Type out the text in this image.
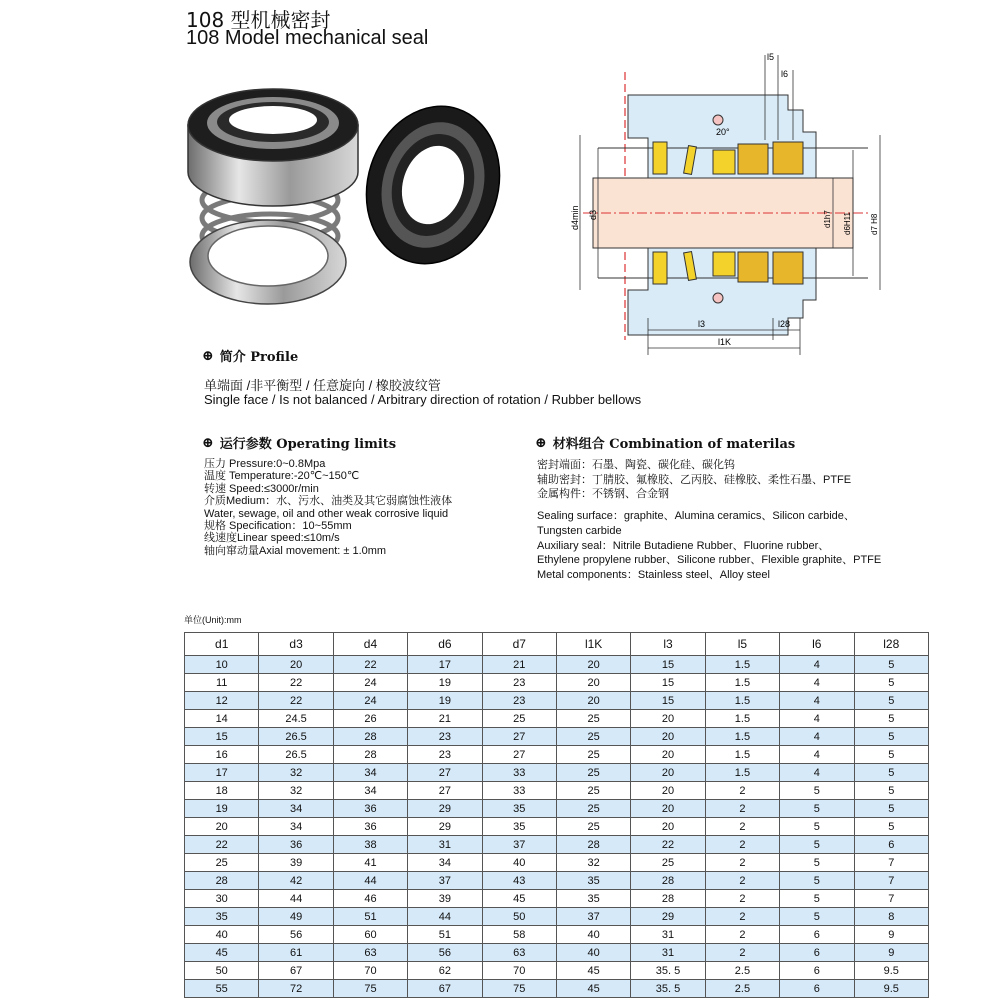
108 型机械密封
108 Model mechanical seal
d4min d3	d1h7 d6H11 d7 H8
l5
l6
20°
l3	l28
l1K
⊕ 简介 Profile
单端面 /非平衡型 / 任意旋向 / 橡胶波纹管
Single face / Is not balanced / Arbitrary direction of rotation / Rubber bellows
⊕ 运行参数 Operating limits
压力 Pressure:0~0.8Mpa
温度 Temperature:-20℃~150℃
转速 Speed:≤3000r/min
介质Medium：水、污水、油类及其它弱腐蚀性液体
Water, sewage, oil and other weak corrosive liquid
规格 Specification：10~55mm
线速度Linear speed:≤10m/s
轴向窜动量Axial movement: ± 1.0mm
⊕ 材料组合 Combination of materilas
密封端面：石墨、陶瓷、碳化硅、碳化钨
辅助密封：丁腈胶、氟橡胶、乙丙胶、硅橡胶、柔性石墨、PTFE
金属构件：不锈钢、合金钢
Sealing surface：graphite、Alumina ceramics、Silicon carbide、
Tungsten carbide
Auxiliary seal：Nitrile Butadiene Rubber、Fluorine rubber、
Ethylene propylene rubber、Silicone rubber、Flexible graphite、PTFE
Metal components：Stainless steel、Alloy steel
单位(Unit):mm
d1	d3	d4	d6	d7	l1K	l3	l5	l6	l28
10	20	22	17	21	20	15	1.5	4	5
11	22	24	19	23	20	15	1.5	4	5
12	22	24	19	23	20	15	1.5	4	5
14	24.5	26	21	25	25	20	1.5	4	5
15	26.5	28	23	27	25	20	1.5	4	5
16	26.5	28	23	27	25	20	1.5	4	5
17	32	34	27	33	25	20	1.5	4	5
18	32	34	27	33	25	20	2	5	5
19	34	36	29	35	25	20	2	5	5
20	34	36	29	35	25	20	2	5	5
22	36	38	31	37	28	22	2	5	6
25	39	41	34	40	32	25	2	5	7
28	42	44	37	43	35	28	2	5	7
30	44	46	39	45	35	28	2	5	7
35	49	51	44	50	37	29	2	5	8
40	56	60	51	58	40	31	2	6	9
45	61	63	56	63	40	31	2	6	9
50	67	70	62	70	45	35. 5	2.5	6	9.5
55	72	75	67	75	45	35. 5	2.5	6	9.5
